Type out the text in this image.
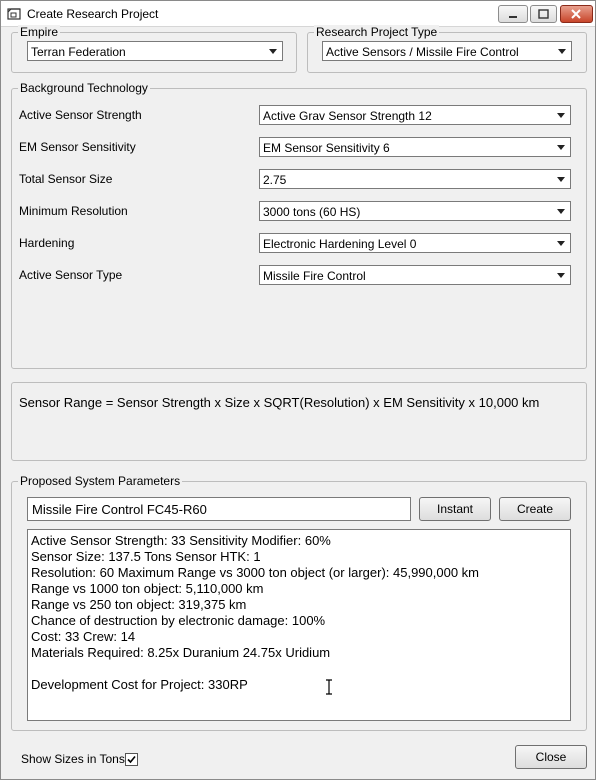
Create Research Project
Empire
Terran Federation
Research Project Type
Active Sensors / Missile Fire Control
Background Technology
Active Sensor Strength	Active Grav Sensor Strength 12
EM Sensor Sensitivity	EM Sensor Sensitivity 6
Total Sensor Size	2.75
Minimum Resolution	3000 tons (60 HS)
Hardening	Electronic Hardening Level 0
Active Sensor Type	Missile Fire Control
Sensor Range = Sensor Strength x Size x SQRT(Resolution) x EM Sensitivity x 10,000 km
Proposed System Parameters
Missile Fire Control FC45-R60
Instant	Create
Active Sensor Strength: 33 Sensitivity Modifier: 60%
Sensor Size: 137.5 Tons Sensor HTK: 1
Resolution: 60 Maximum Range vs 3000 ton object (or larger): 45,990,000 km
Range vs 1000 ton object: 5,110,000 km
Range vs 250 ton object: 319,375 km
Chance of destruction by electronic damage: 100%
Cost: 33 Crew: 14
Materials Required: 8.25x Duranium 24.75x Uridium
Development Cost for Project: 330RP
Show Sizes in Tons	Close
